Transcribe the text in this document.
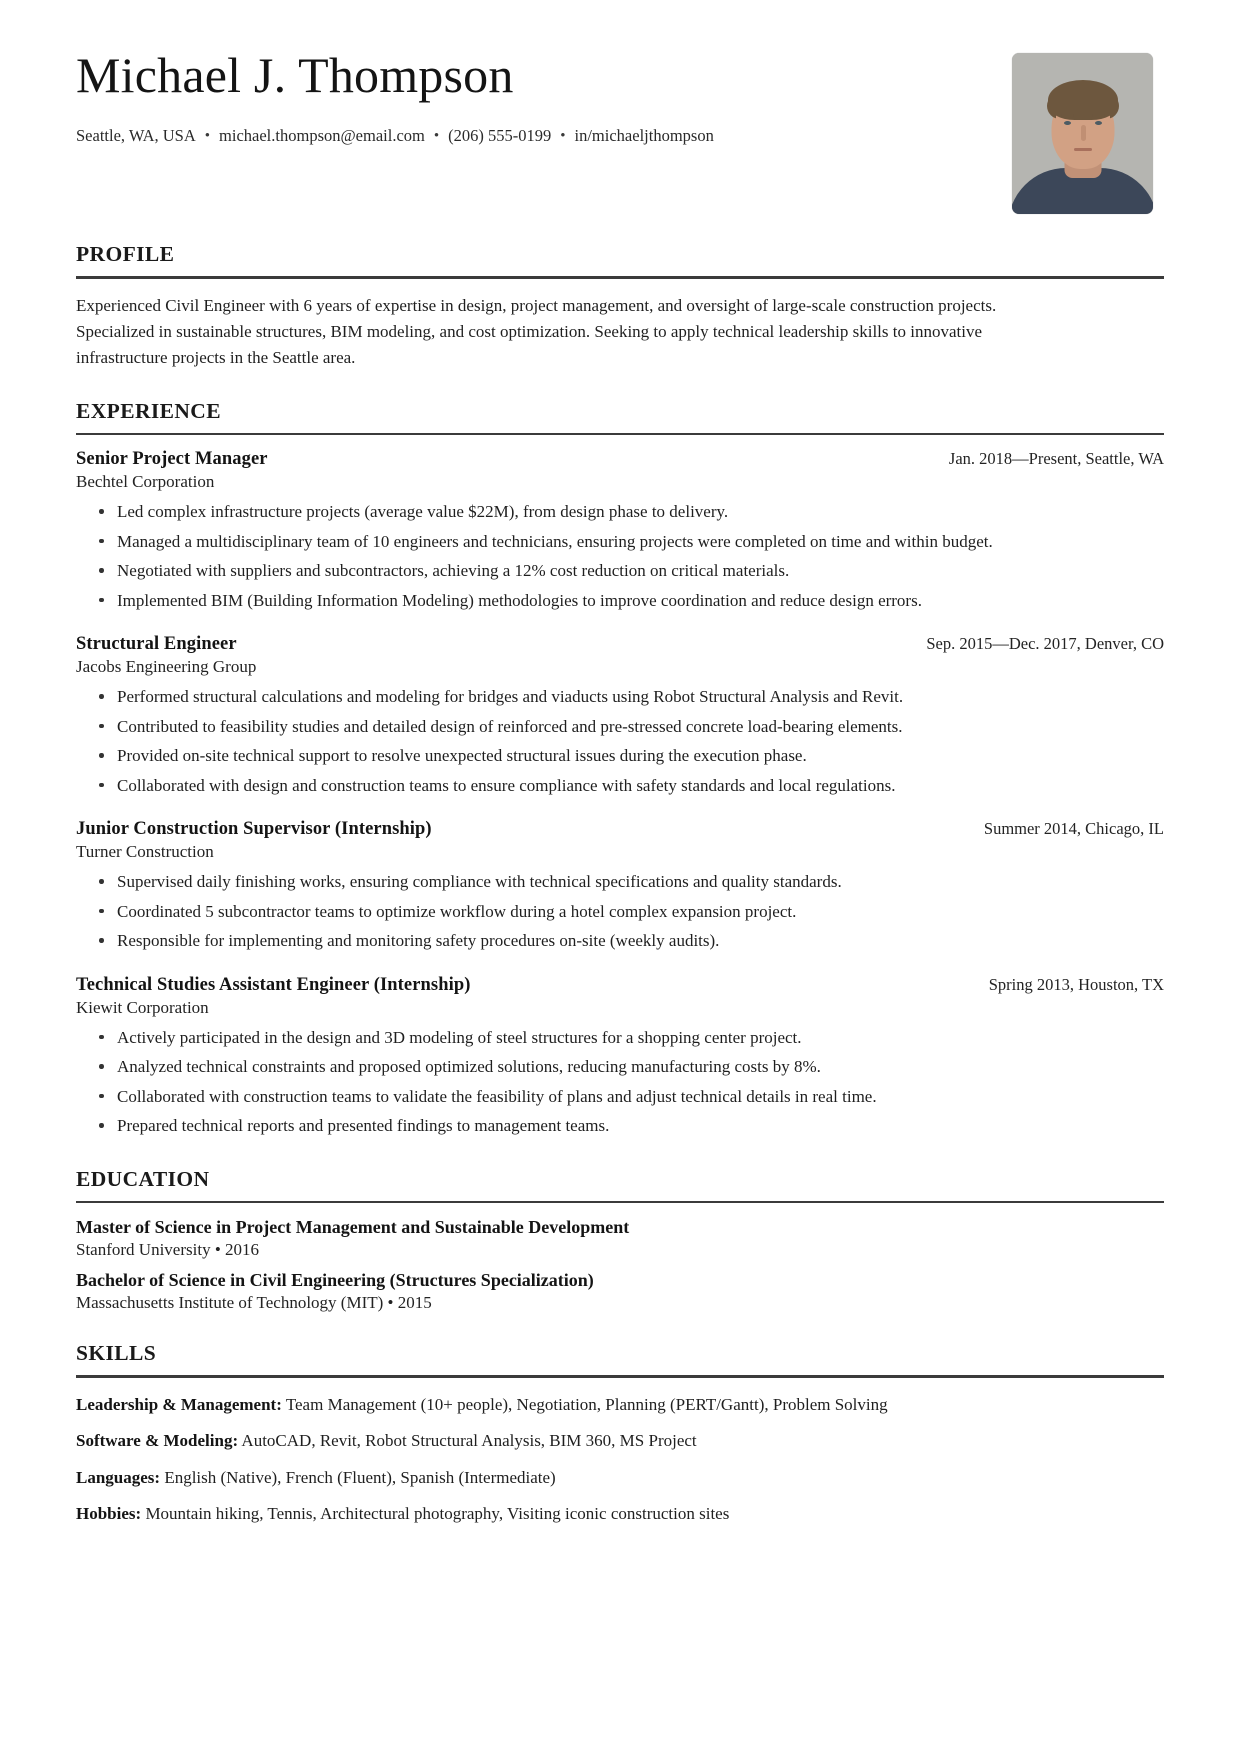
Michael J. Thompson
Seattle, WA, USA • michael.thompson@email.com • (206) 555-0199 • in/michaeljthompson
PROFILE

Experienced Civil Engineer with 6 years of expertise in design, project management, and oversight of large-scale construction projects. Specialized in sustainable structures, BIM modeling, and cost optimization. Seeking to apply technical leadership skills to innovative infrastructure projects in the Seattle area.

EXPERIENCE
Senior Project Manager	Jan. 2018—Present, Seattle, WA
Bechtel Corporation
Led complex infrastructure projects (average value $22M), from design phase to delivery.
Managed a multidisciplinary team of 10 engineers and technicians, ensuring projects were completed on time and within budget.
Negotiated with suppliers and subcontractors, achieving a 12% cost reduction on critical materials.
Implemented BIM (Building Information Modeling) methodologies to improve coordination and reduce design errors.
Structural Engineer	Sep. 2015—Dec. 2017, Denver, CO
Jacobs Engineering Group
Performed structural calculations and modeling for bridges and viaducts using Robot Structural Analysis and Revit.
Contributed to feasibility studies and detailed design of reinforced and pre-stressed concrete load-bearing elements.
Provided on-site technical support to resolve unexpected structural issues during the execution phase.
Collaborated with design and construction teams to ensure compliance with safety standards and local regulations.
Junior Construction Supervisor (Internship)	Summer 2014, Chicago, IL
Turner Construction
Supervised daily finishing works, ensuring compliance with technical specifications and quality standards.
Coordinated 5 subcontractor teams to optimize workflow during a hotel complex expansion project.
Responsible for implementing and monitoring safety procedures on-site (weekly audits).
Technical Studies Assistant Engineer (Internship)	Spring 2013, Houston, TX
Kiewit Corporation
Actively participated in the design and 3D modeling of steel structures for a shopping center project.
Analyzed technical constraints and proposed optimized solutions, reducing manufacturing costs by 8%.
Collaborated with construction teams to validate the feasibility of plans and adjust technical details in real time.
Prepared technical reports and presented findings to management teams.
EDUCATION
Master of Science in Project Management and Sustainable Development
Stanford University • 2016
Bachelor of Science in Civil Engineering (Structures Specialization)
Massachusetts Institute of Technology (MIT) • 2015
SKILLS
Leadership & Management: Team Management (10+ people), Negotiation, Planning (PERT/Gantt), Problem Solving
Software & Modeling: AutoCAD, Revit, Robot Structural Analysis, BIM 360, MS Project
Languages: English (Native), French (Fluent), Spanish (Intermediate)
Hobbies: Mountain hiking, Tennis, Architectural photography, Visiting iconic construction sites
